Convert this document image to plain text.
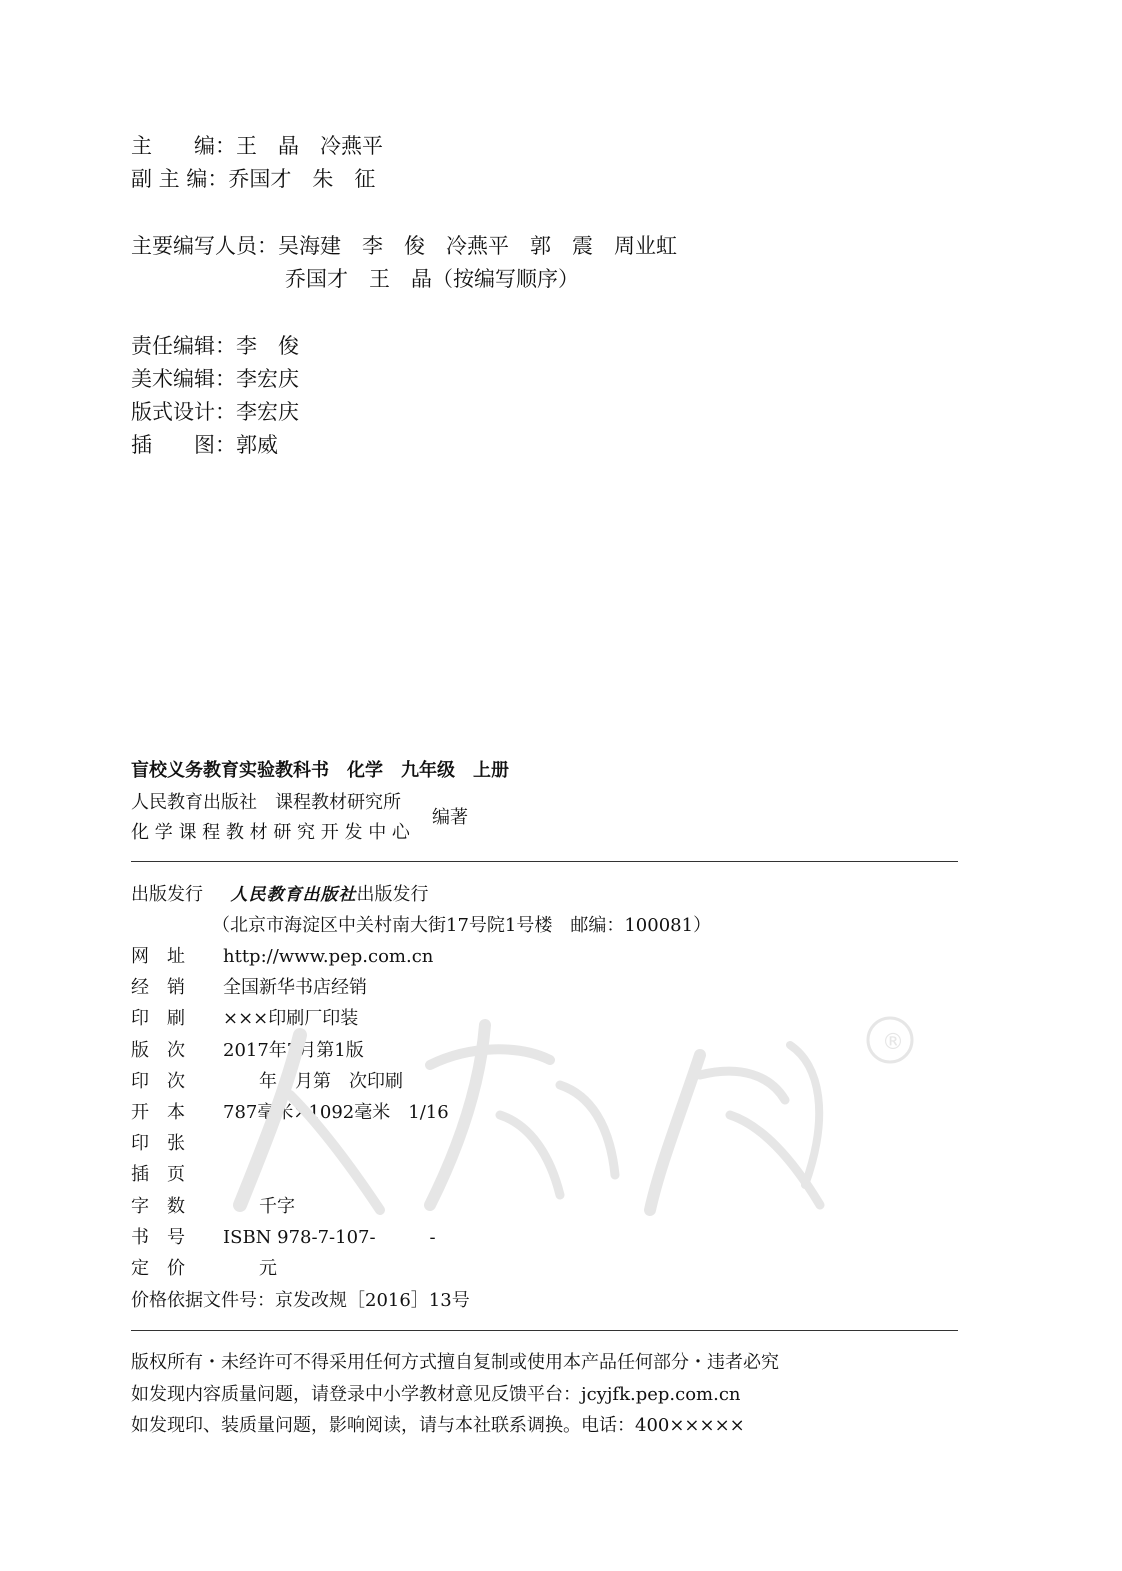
主　　编：王　晶　冷燕平
副 主 编：乔国才　朱　征
主要编写人员：吴海建　李　俊　冷燕平　郭　震　周业虹
乔国才　王　晶（按编写顺序）
责任编辑：李　俊
美术编辑：李宏庆
版式设计：李宏庆
插　　图：郭威
盲校义务教育实验教科书　化学　九年级　上册
人民教育出版社　课程教材研究所
化 学 课 程 教 材 研 究 开 发 中 心
编著
出版发行 人民教育出版社出版发行
（北京市海淀区中关村南大街17号院1号楼　邮编：100081）
网　址 http://www.pep.com.cn
经　销 全国新华书店经销
印　刷 ×××印刷厂印装
版　次 2017年7月第1版
印　次　　年　月第　次印刷
开　本 787毫米×1092毫米　1/16
印　张
插　页
字　数　　千字
书　号 ISBN 978-7-107-　　　-
定　价　　元
价格依据文件号：京发改规［2016］13号
版权所有・未经许可不得采用任何方式擅自复制或使用本产品任何部分・违者必究
如发现内容质量问题，请登录中小学教材意见反馈平台：jcyjfk.pep.com.cn
如发现印、装质量问题，影响阅读，请与本社联系调换。电话：400×××××
®
